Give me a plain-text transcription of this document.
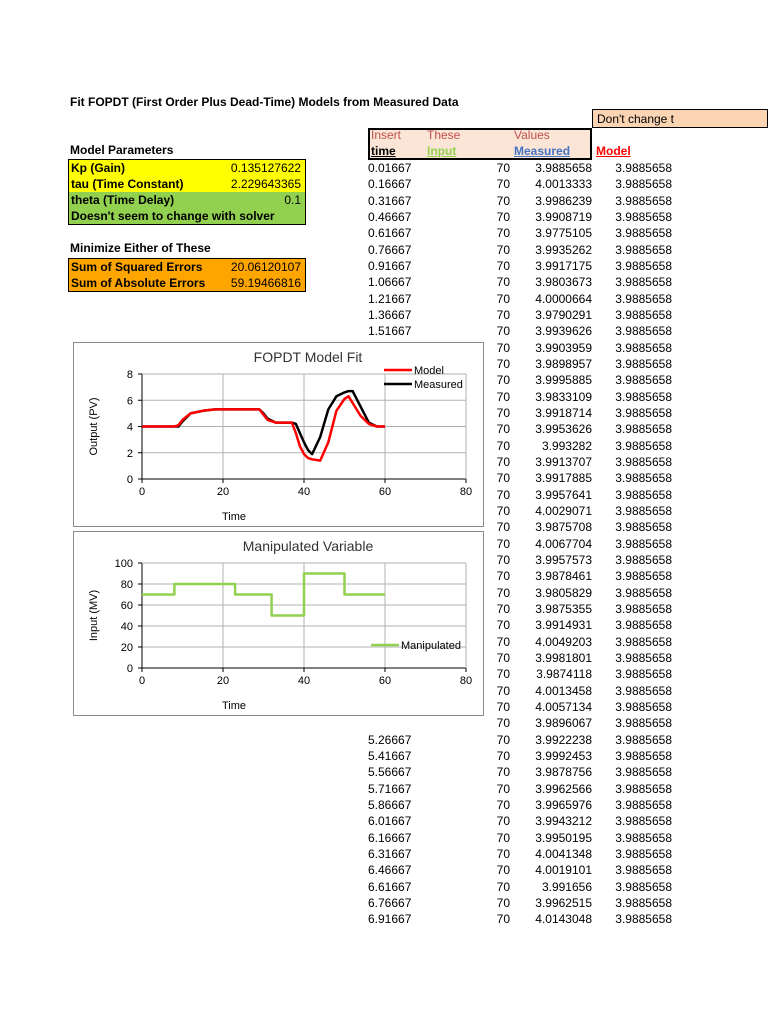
Fit FOPDT (First Order Plus Dead-Time) Models from Measured Data
Don't change t
Insert These	Values
time	Input	Measured Model
Model Parameters
Kp (Gain)	0.135127622
tau (Time Constant)	2.229643365
theta (Time Delay)	0.1
Doesn't seem to change with solver
Minimize Either of These
Sum of Squared Errors 20.06120107
Sum of Absolute Errors 59.19466816
0.01667	70	3.9885658	3.9885658
0.16667	70	4.0013333	3.9885658
0.31667	70	3.9986239	3.9885658
0.46667	70	3.9908719	3.9885658
0.61667	70	3.9775105	3.9885658
0.76667	70	3.9935262	3.9885658
0.91667	70	3.9917175	3.9885658
1.06667	70	3.9803673	3.9885658
1.21667	70	4.0000664	3.9885658
1.36667	70	3.9790291	3.9885658
1.51667	70	3.9939626	3.9885658
	70	3.9903959	3.9885658
	70	3.9898957	3.9885658
	70	3.9995885	3.9885658
	70	3.9833109	3.9885658
	70	3.9918714	3.9885658
	70	3.9953626	3.9885658
	70	3.993282	3.9885658
	70	3.9913707	3.9885658
	70	3.9917885	3.9885658
	70	3.9957641	3.9885658
	70	4.0029071	3.9885658
	70	3.9875708	3.9885658
	70	4.0067704	3.9885658
	70	3.9957573	3.9885658
	70	3.9878461	3.9885658
	70	3.9805829	3.9885658
	70	3.9875355	3.9885658
	70	3.9914931	3.9885658
	70	4.0049203	3.9885658
	70	3.9981801	3.9885658
	70	3.9874118	3.9885658
	70	4.0013458	3.9885658
	70	4.0057134	3.9885658
	70	3.9896067	3.9885658
5.26667	70	3.9922238	3.9885658
5.41667	70	3.9992453	3.9885658
5.56667	70	3.9878756	3.9885658
5.71667	70	3.9962566	3.9885658
5.86667	70	3.9965976	3.9885658
6.01667	70	3.9943212	3.9885658
6.16667	70	3.9950195	3.9885658
6.31667	70	4.0041348	3.9885658
6.46667	70	4.0019101	3.9885658
6.61667	70	3.991656	3.9885658
6.76667	70	3.9962515	3.9885658
6.91667	70	4.0143048	3.9885658
FOPDT Model Fit
0
2
4
6
8
0	20	40	60	80
Time
Output (PV)
Model
Measured
Manipulated Variable
0
20
40
60
80
100
0	20	40	60	80
Time
Input (MV)
Manipulated
